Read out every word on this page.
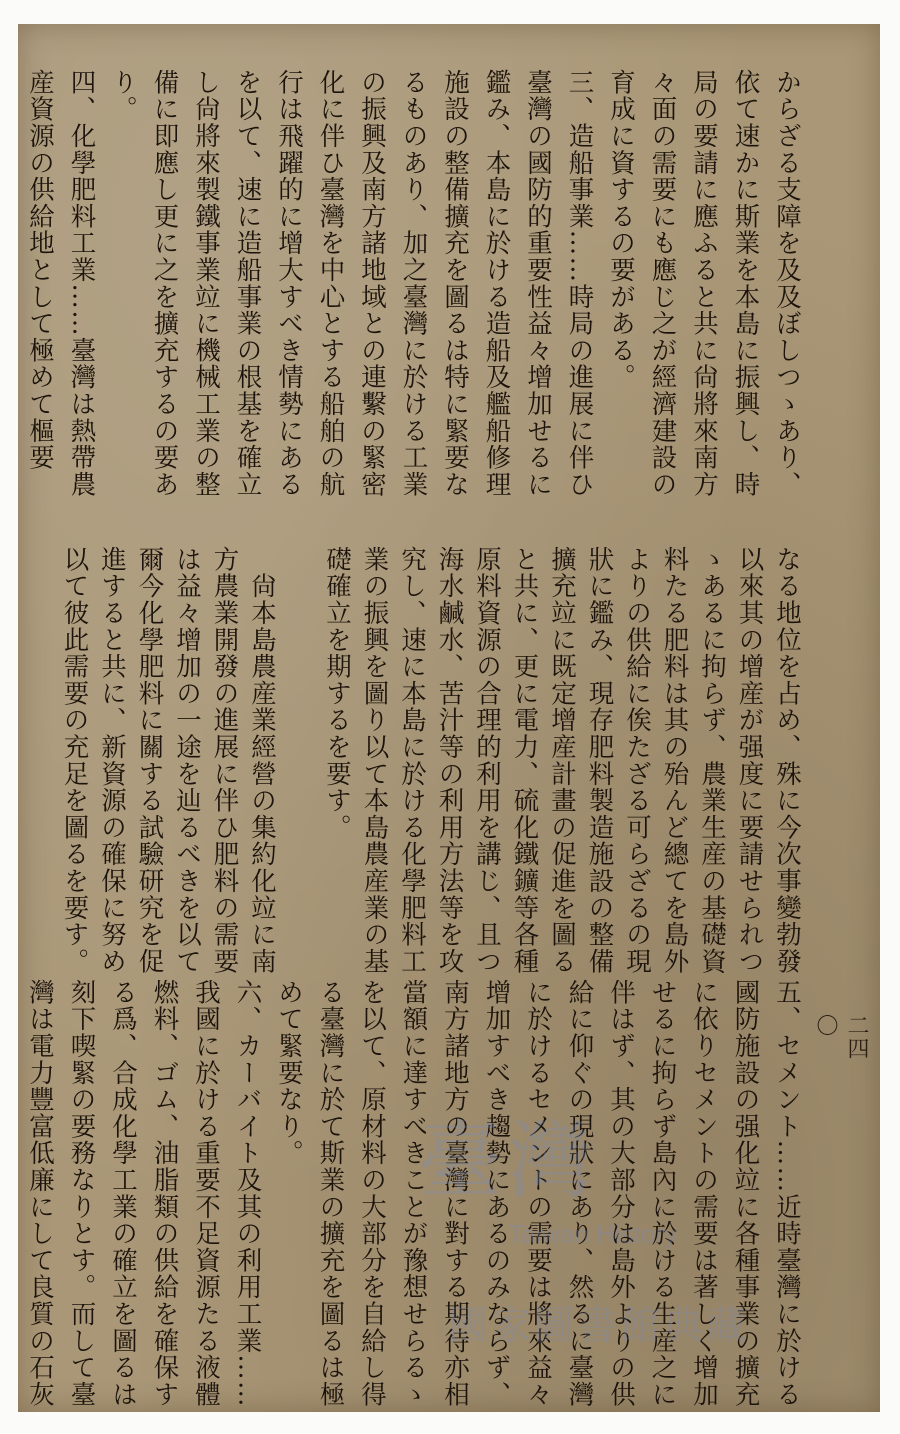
二四〇
からざる支障を及及ぼしつゝあり、
依て速かに斯業を本島に振興し、時
局の要請に應ふると共に尙將來南方
々面の需要にも應じ之が經濟建設の
育成に資するの要がある。
三、造船事業……時局の進展に伴ひ
臺灣の國防的重要性益々增加せるに
鑑み、本島に於ける造船及艦船修理
施設の整備擴充を圖るは特に緊要な
るものあり、加之臺灣に於ける工業
の振興及南方諸地域との連繫の緊密
化に伴ひ臺灣を中心とする船舶の航
行は飛躍的に增大すべき情勢にある
を以て、速に造船事業の根基を確立
し尙將來製鐵事業竝に機械工業の整
備に即應し更に之を擴充するの要あ
り。
四、化學肥料工業……臺灣は熱帶農
産資源の供給地として極めて樞要
なる地位を占め、殊に今次事變勃發
以來其の增産が强度に要請せられつ
ゝあるに拘らず、農業生産の基礎資
料たる肥料は其の殆んど總てを島外
よりの供給に俟たざる可らざるの現
狀に鑑み、現存肥料製造施設の整備
擴充竝に既定增産計畫の促進を圖る
と共に、更に電力、硫化鐵鑛等各種
原料資源の合理的利用を講じ、且つ
海水鹹水、苦汁等の利用方法等を攻
究し、速に本島に於ける化學肥料工
業の振興を圖り以て本島農産業の基
礎確立を期するを要す。
　尙本島農産業經營の集約化竝に南
方農業開發の進展に伴ひ肥料の需要
は益々增加の一途を辿るべきを以て
爾今化學肥料に關する試驗研究を促
進すると共に、新資源の確保に努め
以て彼此需要の充足を圖るを要す。
五、セメント……近時臺灣に於ける
國防施設の强化竝に各種事業の擴充
に依りセメントの需要は著しく增加
せるに拘らず島內に於ける生産之に
伴はず、其の大部分は島外よりの供
給に仰ぐの現狀にあり、然るに臺灣
に於けるセメントの需要は將來益々
增加すべき趨勢にあるのみならず、
南方諸地方の臺灣に對する期待亦相
當額に達すべきことが豫想せらるゝ
を以て、原材料の大部分を自給し得
る臺灣に於て斯業の擴充を圖るは極
めて緊要なり。
六、カーバイト及其の利用工業……
我國に於ける重要不足資源たる液體
燃料、ゴム、油脂類の供給を確保す
る爲、合成化學工業の確立を圖るは
刻下喫緊の要務なりとす。而して臺
灣は電力豐富低廉にして良質の石灰	臺灣
Taiwan History
國家圖書館典藏
